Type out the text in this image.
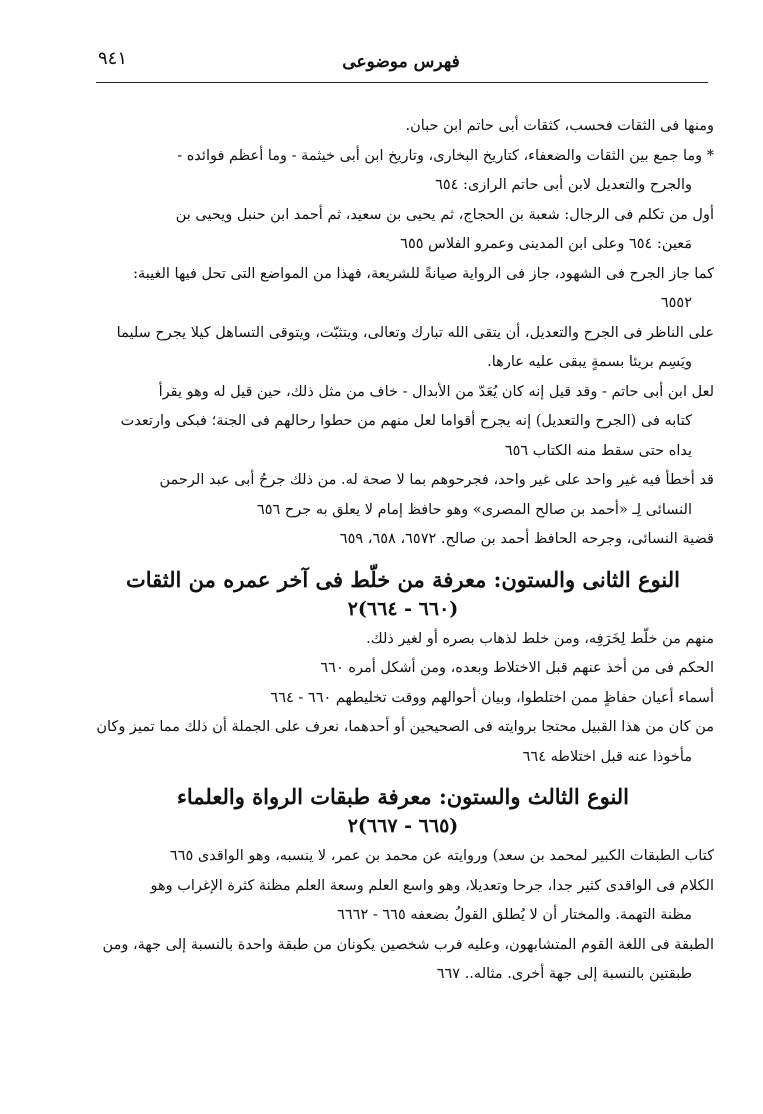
فهرس موضوعى
٩٤١
ومنها فى الثقات فحسب، كثقات أبى حاتم ابن حبان.
* وما جمع بين الثقات والضعفاء، كتاريخ البخارى، وتاريخ ابن أبى خيثمة - وما أعظم فوائده -
والجرح والتعديل لابن أبى حاتم الرازى: ٦٥٤
أول من تكلم فى الرجال: شعبة بن الحجاج، ثم يحيى بن سعيد، ثم أحمد ابن حنبل ويحيى بن
مَعين: ٦٥٤ وعلى ابن المدينى وعمرو الفلاس ٦٥٥
كما جاز الجرح فى الشهود، جاز فى الرواية صيانةً للشريعة، فهذا من المواضع التى تحل فيها الغيبة:
٦٥٥٢
على الناظر فى الجرح والتعديل، أن يتقى الله تبارك وتعالى، ويتثبّت، ويتوقى التساهل كيلا يجرح سليما
ويَسِم بريئا بسمةٍ يبقى عليه عارها.
لعل ابن أبى حاتم - وقد قيل إنه كان يُعَدّ من الأبدال - خاف من مثل ذلك، حين قيل له وهو يقرأ
كتابه فى (الجرح والتعديل) إنه يجرح أقواما لعل منهم من حطوا رحالهم فى الجنة؛ فبكى وارتعدت
يداه حتى سقط منه الكتاب ٦٥٦
قد أخطأ فيه غير واحد على غير واحد، فجرحوهم بما لا صحة له. من ذلك جرحُ أبى عبد الرحمن
النسائى لِـ «أحمد بن صالح المصرى» وهو حافظ إمام لا يعلق به جرح ٦٥٦
قضية النسائى، وجرحه الحافظ أحمد بن صالح. ٦٥٧٢، ٦٥٨، ٦٥٩
النوع الثانى والستون: معرفة من خلّط فى آخر عمره من الثقات
(٦٦٠ - ٦٦٤)٢
منهم من خلّط لِخَرَفِه، ومن خلط لذهاب بصره أو لغير ذلك.
الحكم فى من أخذ عنهم قبل الاختلاط وبعده، ومن أشكل أمره ٦٦٠
أسماء أعيان حفاظٍ ممن اختلطوا، وبيان أحوالهم ووقت تخليطهم ٦٦٠ - ٦٦٤
من كان من هذا القبيل محتجا بروايته فى الصحيحين أو أحدهما، نعرف على الجملة أن ذلك مما تميز وكان
مأخوذا عنه قبل اختلاطه ٦٦٤
النوع الثالث والستون: معرفة طبقات الرواة والعلماء
(٦٦٥ - ٦٦٧)٢
كتاب الطبقات الكبير لمحمد بن سعد) وروايته عن محمد بن عمر، لا ينسبه، وهو الواقدى ٦٦٥
الكلام فى الواقدى كثير جدا، جرحا وتعديلا، وهو واسع العلم وسعة العلم مظنة كثرة الإغراب وهو
مظنة التهمة. والمختار أن لا يُطلق القولُ بضعفه ٦٦٥ - ٦٦٦٢
الطبقة فى اللغة القوم المتشابهون، وعليه فرب شخصين يكونان من طبقة واحدة بالنسبة إلى جهة، ومن
طبقتين بالنسبة إلى جهة أخرى. مثاله.. ٦٦٧
